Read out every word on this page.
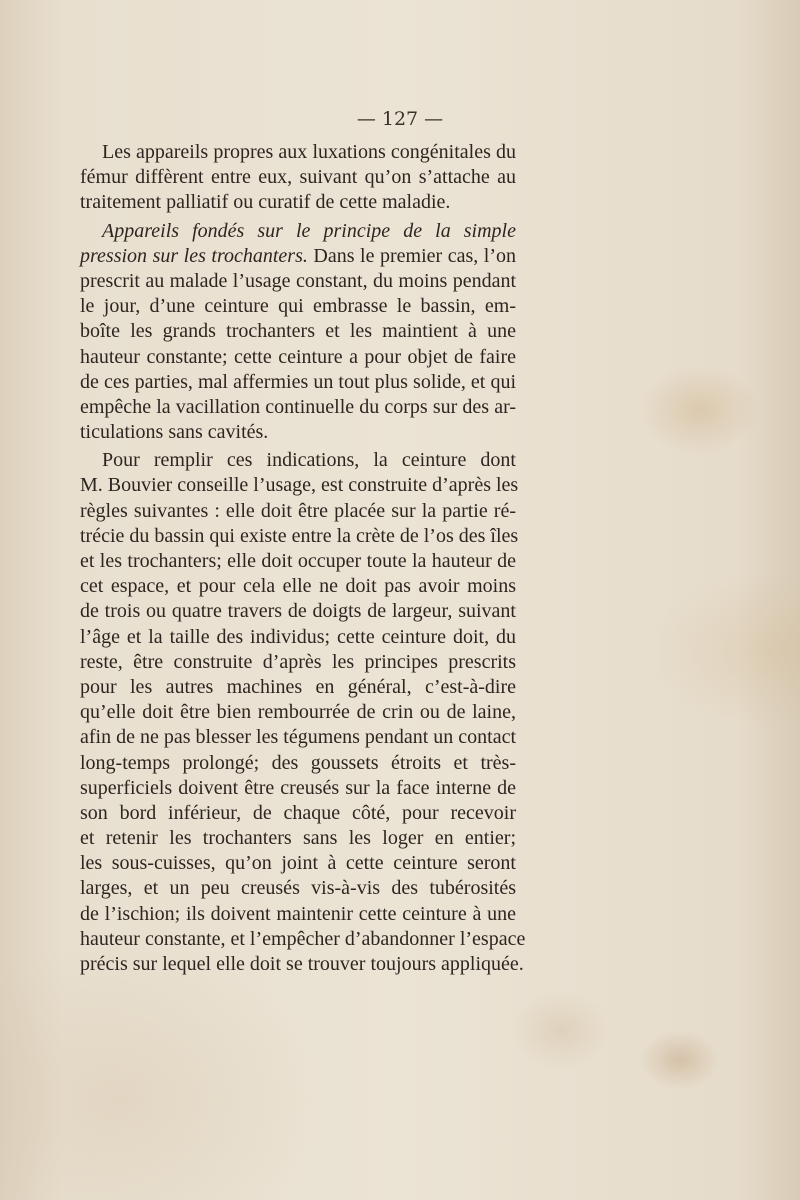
— 127 —
Les appareils propres aux luxations congénitales du
fémur diffèrent entre eux, suivant qu’on s’attache au
traitement palliatif ou curatif de cette maladie.
Appareils fondés sur le principe de la simple
pression sur les trochanters. Dans le premier cas, l’on
prescrit au malade l’usage constant, du moins pendant
le jour, d’une ceinture qui embrasse le bassin, em-
boîte les grands trochanters et les maintient à une
hauteur constante; cette ceinture a pour objet de faire
de ces parties, mal affermies un tout plus solide, et qui
empêche la vacillation continuelle du corps sur des ar-
ticulations sans cavités.
Pour remplir ces indications, la ceinture dont
M. Bouvier conseille l’usage, est construite d’après les
règles suivantes : elle doit être placée sur la partie ré-
trécie du bassin qui existe entre la crète de l’os des îles
et les trochanters; elle doit occuper toute la hauteur de
cet espace, et pour cela elle ne doit pas avoir moins
de trois ou quatre travers de doigts de largeur, suivant
l’âge et la taille des individus; cette ceinture doit, du
reste, être construite d’après les principes prescrits
pour les autres machines en général, c’est-à-dire
qu’elle doit être bien rembourrée de crin ou de laine,
afin de ne pas blesser les tégumens pendant un contact
long-temps prolongé; des goussets étroits et très-
superficiels doivent être creusés sur la face interne de
son bord inférieur, de chaque côté, pour recevoir
et retenir les trochanters sans les loger en entier;
les sous-cuisses, qu’on joint à cette ceinture seront
larges, et un peu creusés vis-à-vis des tubérosités
de l’ischion; ils doivent maintenir cette ceinture à une
hauteur constante, et l’empêcher d’abandonner l’espace
précis sur lequel elle doit se trouver toujours appliquée.
